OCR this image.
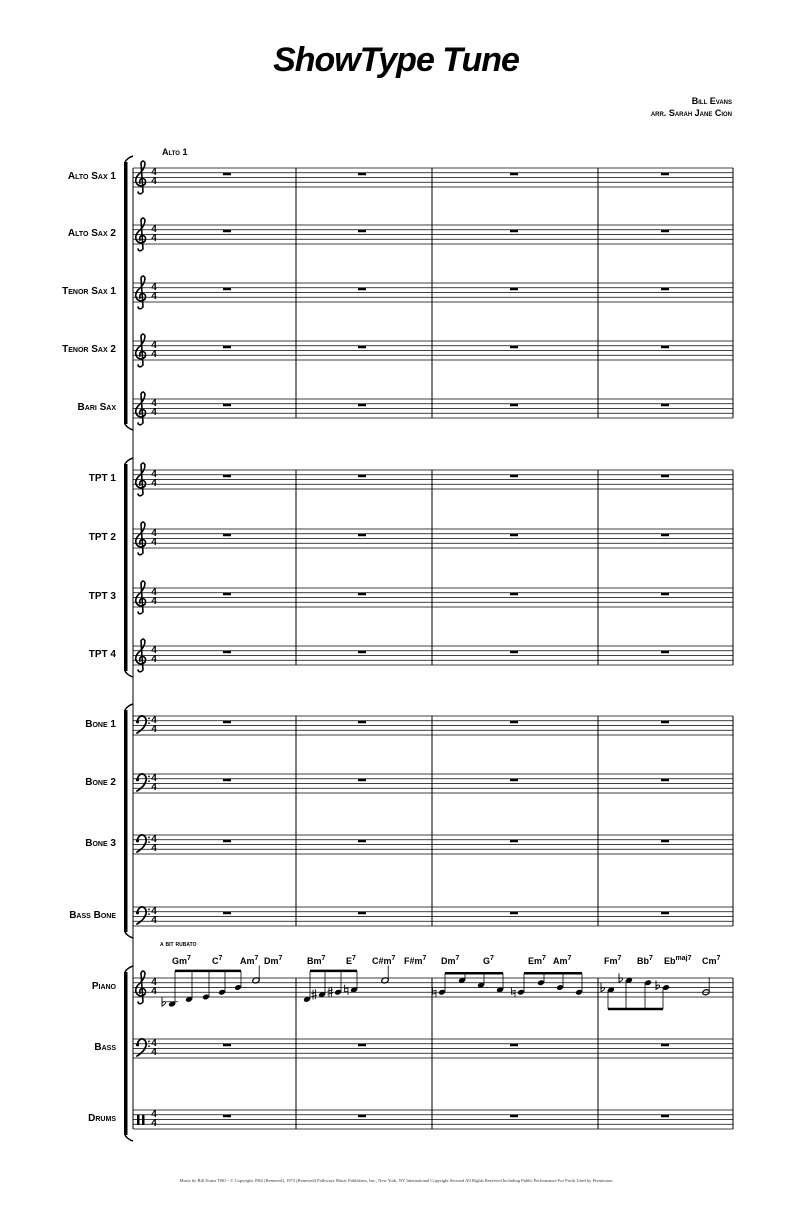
ShowType Tune
Bill Evans
arr. Sarah Jane Cion
Alto 1
a bit rubato
Alto Sax 1	4
4
Alto Sax 2	4
4
Tenor Sax 1	4
4
Tenor Sax 2	4
4
Bari Sax	4
4
TPT 1	4
4
TPT 2	4
4
TPT 3	4
4
TPT 4	4
4
Bone 1	4
4
Bone 2	4
4
Bone 3	4
4
Bass Bone	4
4
Piano	4
4
Bass	4
4
Drums	4
4
Gm$^7$ $C^7$ Am$^7$ Dm$^7$	Bm$^7$ $E^7$ $C\#m^7$ $F\#m^7$ Dm$^7$	$G^7$	Em$^7$ Am$^7$	Fm$^7$ Bb$^7$ $Eb^{maj7}$ Cm$^7$
Music by Bill Evans TRO - © Copyright 1962 (Renewed), 1973 (Renewed) Folkways Music Publishers, Inc., New York, NY International Copyright Secured All Rights Reserved Including Public Performance For Profit Used by Permission
